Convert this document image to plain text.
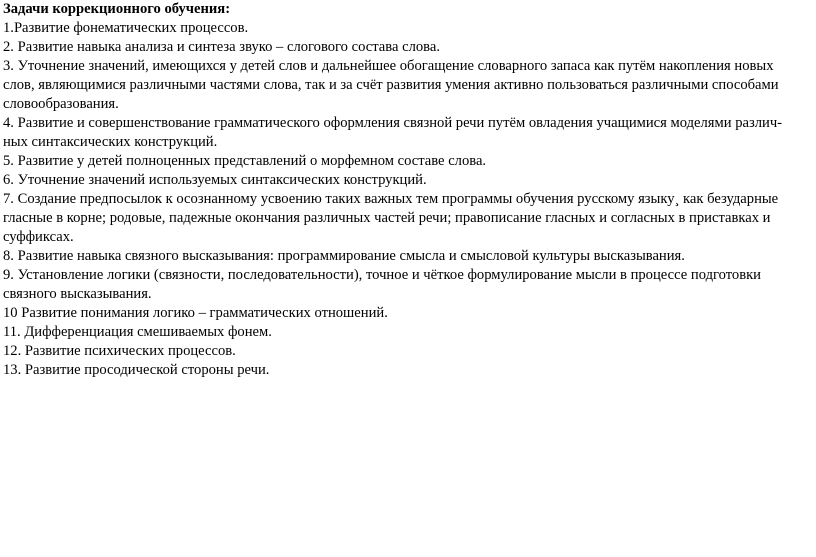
Задачи коррекционного обучения:

1.Развитие фонематических процессов.

2. Развитие навыка анализа и синтеза звуко – слогового состава слова.

3. Уточнение значений, имеющихся у детей слов и дальнейшее обогащение словарного запаса как путём накопления новых
слов, являющимися различными частями слова, так и за счёт развития умения активно пользоваться различными способами
словообразования.

4. Развитие и совершенствование грамматического оформления связной речи путём овладения учащимися моделями различ-
ных синтаксических конструкций.

5. Развитие у детей полноценных представлений о морфемном составе слова.

6. Уточнение значений используемых синтаксических конструкций.

7. Создание предпосылок к осознанному усвоению таких важных тем программы обучения русскому языку¸ как безударные
гласные в корне; родовые, падежные окончания различных частей речи; правописание гласных и согласных в приставках и
суффиксах.

8. Развитие навыка связного высказывания: программирование смысла и смысловой культуры высказывания.

9. Установление логики (связности, последовательности), точное и чёткое формулирование мысли в процессе подготовки
связного высказывания.

10 Развитие понимания логико – грамматических отношений.

11. Дифференциация смешиваемых фонем.

12. Развитие психических процессов.

13. Развитие просодической стороны речи.
